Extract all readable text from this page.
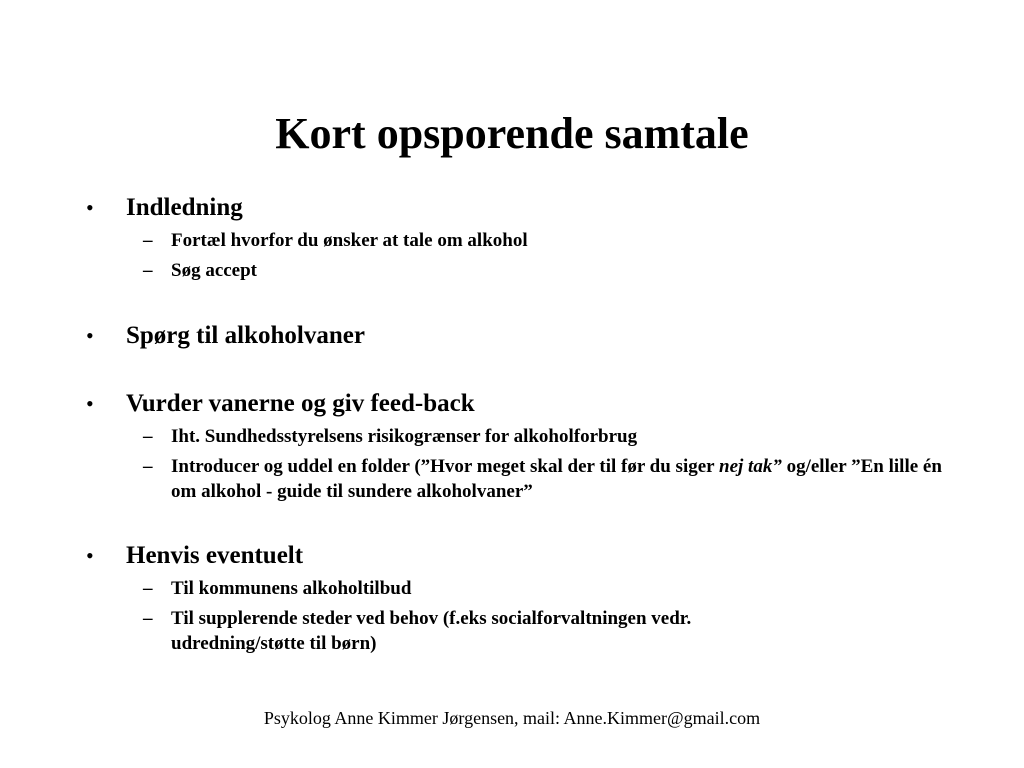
Kort opsporende samtale
• Indledning
– Fortæl hvorfor du ønsker at tale om alkohol
– Søg accept
• Spørg til alkoholvaner
• Vurder vanerne og giv feed-back
– Iht. Sundhedsstyrelsens risikogrænser for alkoholforbrug
– Introducer og uddel en folder (”Hvor meget skal der til før du siger nej tak” og/eller ”En lille én om alkohol - guide til sundere alkoholvaner”
• Henvis eventuelt
– Til kommunens alkoholtilbud
– Til supplerende steder ved behov (f.eks socialforvaltningen vedr. udredning/støtte til børn)
Psykolog Anne Kimmer Jørgensen, mail: Anne.Kimmer@gmail.com
